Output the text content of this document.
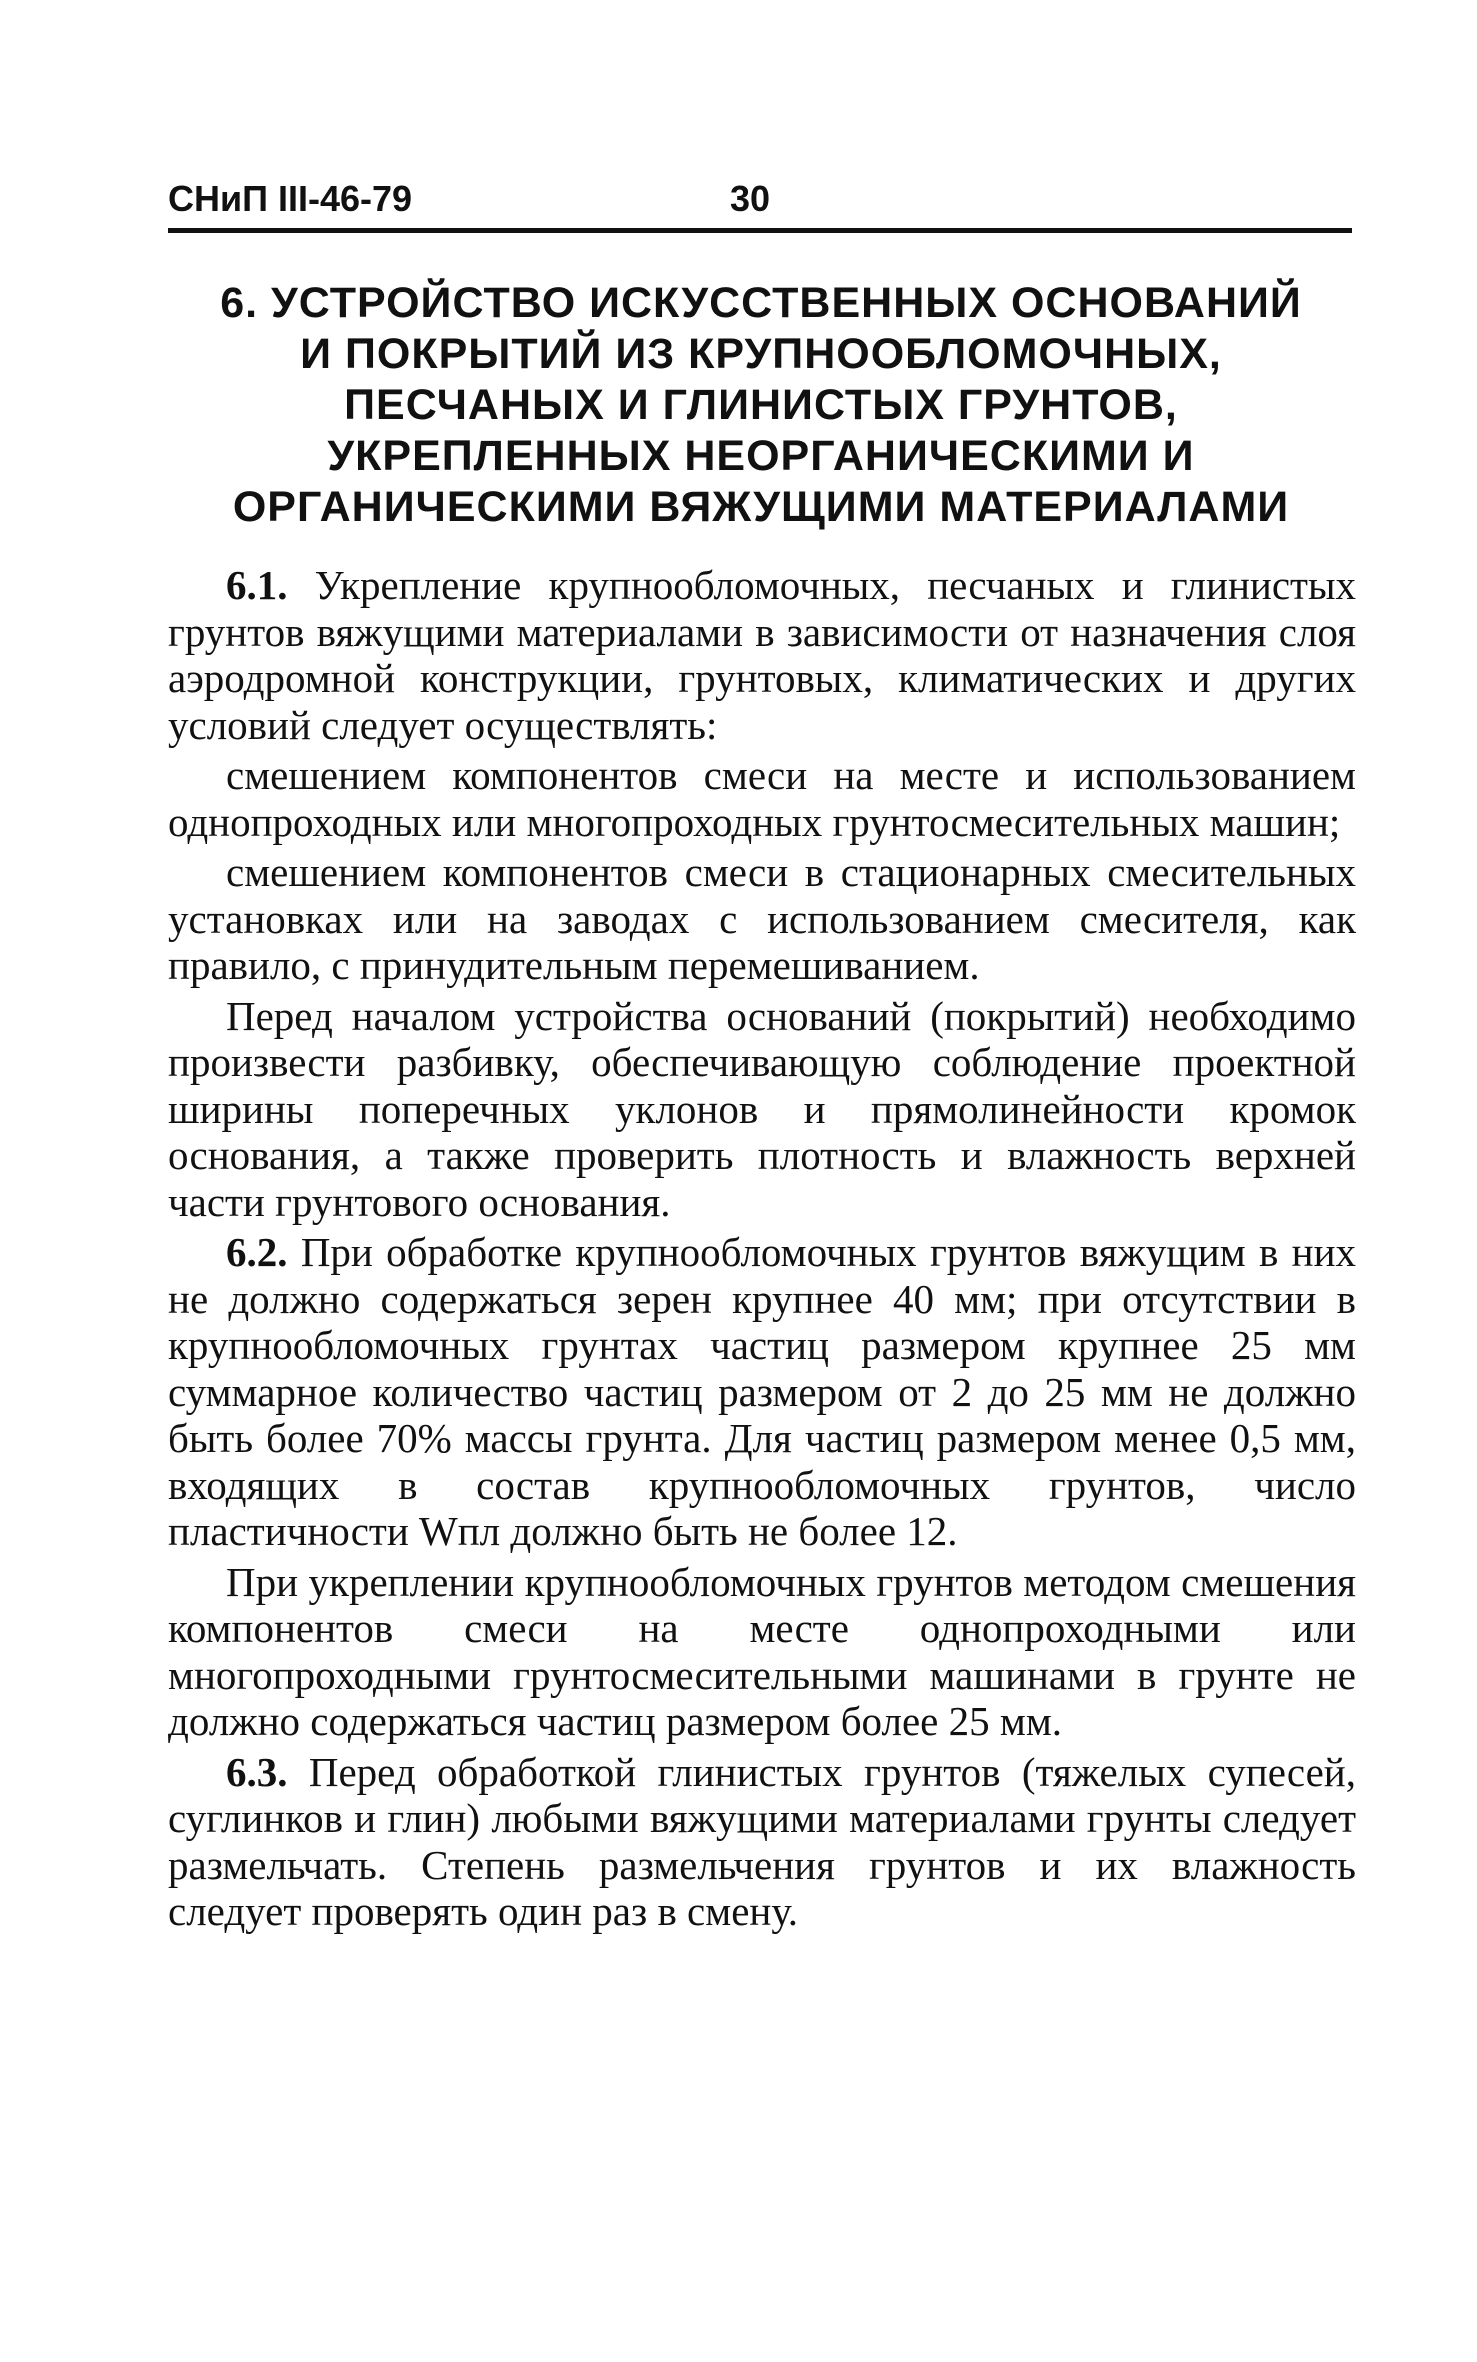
СНиП III-46-79	30
6. УСТРОЙСТВО ИСКУССТВЕННЫХ ОСНОВАНИЙ
И ПОКРЫТИЙ ИЗ КРУПНООБЛОМОЧНЫХ,
ПЕСЧАНЫХ И ГЛИНИСТЫХ ГРУНТОВ,
УКРЕПЛЕННЫХ НЕОРГАНИЧЕСКИМИ И
ОРГАНИЧЕСКИМИ ВЯЖУЩИМИ МАТЕРИАЛАМИ

6.1. Укрепление крупнообломочных, песчаных и глинистых грунтов вяжущими материалами в зависимости от назначения слоя аэродромной конструкции, грунтовых, климатических и других условий следует осуществлять:

смешением компонентов смеси на месте и использованием однопроходных или многопроходных грунтосмесительных машин;

смешением компонентов смеси в стационарных смесительных установках или на заводах с использованием смесителя, как правило, с принудительным перемешиванием.

Перед началом устройства оснований (покрытий) необходимо произвести разбивку, обеспечивающую соблюдение проектной ширины поперечных уклонов и прямолинейности кромок основания, а также проверить плотность и влажность верхней части грунтового основания.

6.2. При обработке крупнообломочных грунтов вяжущим в них не должно содержаться зерен крупнее 40 мм; при отсутствии в крупнообломочных грунтах частиц размером крупнее 25 мм суммарное количество частиц размером от 2 до 25 мм не должно быть более 70% массы грунта. Для частиц размером менее 0,5 мм, входящих в состав крупнообломочных грунтов, число пластичности Wпл должно быть не более 12.

При укреплении крупнообломочных грунтов методом смешения компонентов смеси на месте однопроходными или многопроходными грунтосмесительными машинами в грунте не должно содержаться частиц размером более 25 мм.

6.3. Перед обработкой глинистых грунтов (тяжелых супесей, суглинков и глин) любыми вяжущими материалами грунты следует размельчать. Степень размельчения грунтов и их влажность следует проверять один раз в смену.
